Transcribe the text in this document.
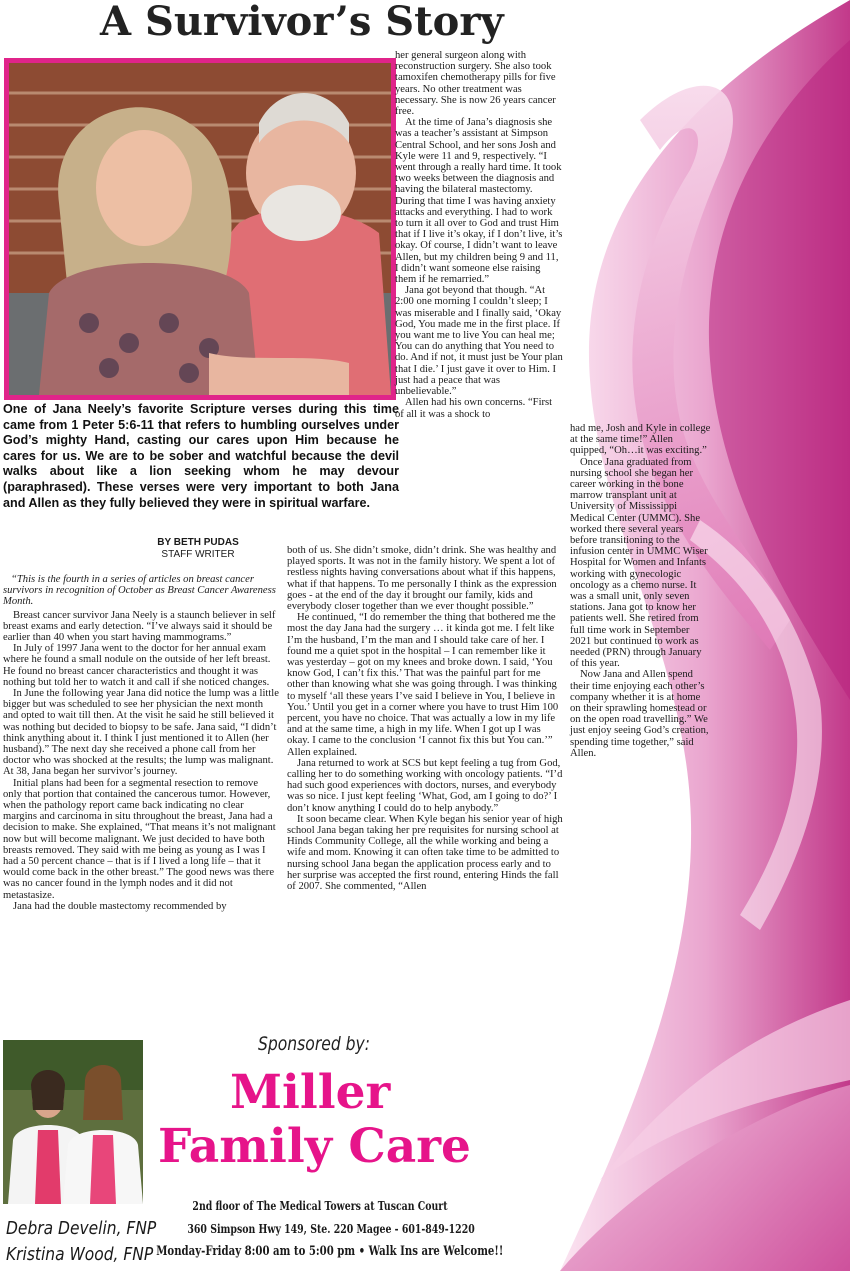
A Survivor’s Story
One of Jana Neely’s favorite Scripture verses during this time came from 1 Peter 5:6-11 that refers to humbling ourselves under God’s mighty Hand, casting our cares upon Him because he cares for us. We are to be sober and watchful because the devil walks about like a lion seeking whom he may devour (paraphrased). These verses were very important to both Jana and Allen as they fully believed they were in spiritual warfare.
BY BETH PUDAS
STAFF WRITER

“This is the fourth in a series of articles on breast cancer survivors in recognition of October as Breast Cancer Awareness Month.

Breast cancer survivor Jana Neely is a staunch believer in self breast exams and early detection. “I’ve always said it should be earlier than 40 when you start having mammograms.”

In July of 1997 Jana went to the doctor for her annual exam where he found a small nodule on the outside of her left breast. He found no breast cancer characteristics and thought it was nothing but told her to watch it and call if she noticed changes.

In June the following year Jana did notice the lump was a little bigger but was scheduled to see her physician the next month and opted to wait till then. At the visit he said he still believed it was nothing but decided to biopsy to be safe. Jana said, “I didn’t think anything about it. I think I just mentioned it to Allen (her husband).” The next day she received a phone call from her doctor who was shocked at the results; the lump was malignant. At 38, Jana began her survivor’s journey.

Initial plans had been for a segmental resection to remove only that portion that contained the cancerous tumor. However, when the pathology report came back indicating no clear margins and carcinoma in situ throughout the breast, Jana had a decision to make. She explained, “That means it’s not malignant now but will become malignant. We just decided to have both breasts removed. They said with me being as young as I was I had a 50 percent chance – that is if I lived a long life – that it would come back in the other breast.” The good news was there was no cancer found in the lymph nodes and it did not metastasize.

Jana had the double mastectomy recommended by

both of us. She didn’t smoke, didn’t drink. She was healthy and played sports. It was not in the family history. We spent a lot of restless nights having conversations about what if this happens, what if that happens. To me personally I think as the expression goes - at the end of the day it brought our family, kids and everybody closer together than we ever thought possible.”

He continued, “I do remember the thing that bothered me the most the day Jana had the surgery … it kinda got me. I felt like I’m the husband, I’m the man and I should take care of her. I found me a quiet spot in the hospital – I can remember like it was yesterday – got on my knees and broke down. I said, ‘You know God, I can’t fix this.’ That was the painful part for me other than knowing what she was going through. I was thinking to myself ‘all these years I’ve said I believe in You, I believe in You.’ Until you get in a corner where you have to trust Him 100 percent, you have no choice. That was actually a low in my life and at the same time, a high in my life. When I got up I was okay. I came to the conclusion ‘I cannot fix this but You can.’” Allen explained.

Jana returned to work at SCS but kept feeling a tug from God, calling her to do something working with oncology patients. “I’d had such good experiences with doctors, nurses, and everybody was so nice. I just kept feeling ‘What, God, am I going to do?’ I don’t know anything I could do to help anybody.”

It soon became clear. When Kyle began his senior year of high school Jana began taking her pre requisites for nursing school at Hinds Community College, all the while working and being a wife and mom. Knowing it can often take time to be admitted to nursing school Jana began the application process early and to her surprise was accepted the first round, entering Hinds the fall of 2007. She commented, “Allen

her general surgeon along with reconstruction surgery. She also took tamoxifen chemotherapy pills for five years. No other treatment was necessary. She is now 26 years cancer free.

At the time of Jana’s diagnosis she was a teacher’s assistant at Simpson Central School, and her sons Josh and Kyle were 11 and 9, respectively. “I went through a really hard time. It took two weeks between the diagnosis and having the bilateral mastectomy. During that time I was having anxiety attacks and everything. I had to work to turn it all over to God and trust Him that if I live it’s okay, if I don’t live, it’s okay. Of course, I didn’t want to leave Allen, but my children being 9 and 11, I didn’t want someone else raising them if he remarried.”

Jana got beyond that though. “At 2:00 one morning I couldn’t sleep; I was miserable and I finally said, ‘Okay God, You made me in the first place. If you want me to live You can heal me; You can do anything that You need to do. And if not, it must just be Your plan that I die.’ I just gave it over to Him. I just had a peace that was unbelievable.”

Allen had his own concerns. “First of all it was a shock to

had me, Josh and Kyle in college at the same time!” Allen quipped, “Oh…it was exciting.”

Once Jana graduated from nursing school she began her career working in the bone marrow transplant unit at University of Mississippi Medical Center (UMMC). She worked there several years before transitioning to the infusion center in UMMC Wiser Hospital for Women and Infants working with gynecologic oncology as a chemo nurse. It was a small unit, only seven stations. Jana got to know her patients well. She retired from full time work in September 2021 but continued to work as needed (PRN) through January of this year.

Now Jana and Allen spend their time enjoying each other’s company whether it is at home on their sprawling homestead or on the open road travelling.” We just enjoy seeing God’s creation, spending time together,” said Allen.

Sponsored by:
Miller
Family Care
2nd floor of The Medical Towers at Tuscan Court
360 Simpson Hwy 149, Ste. 220 Magee - 601-849-1220
Monday-Friday 8:00 am to 5:00 pm • Walk Ins are Welcome!!
Debra Develin, FNP
Kristina Wood, FNP
